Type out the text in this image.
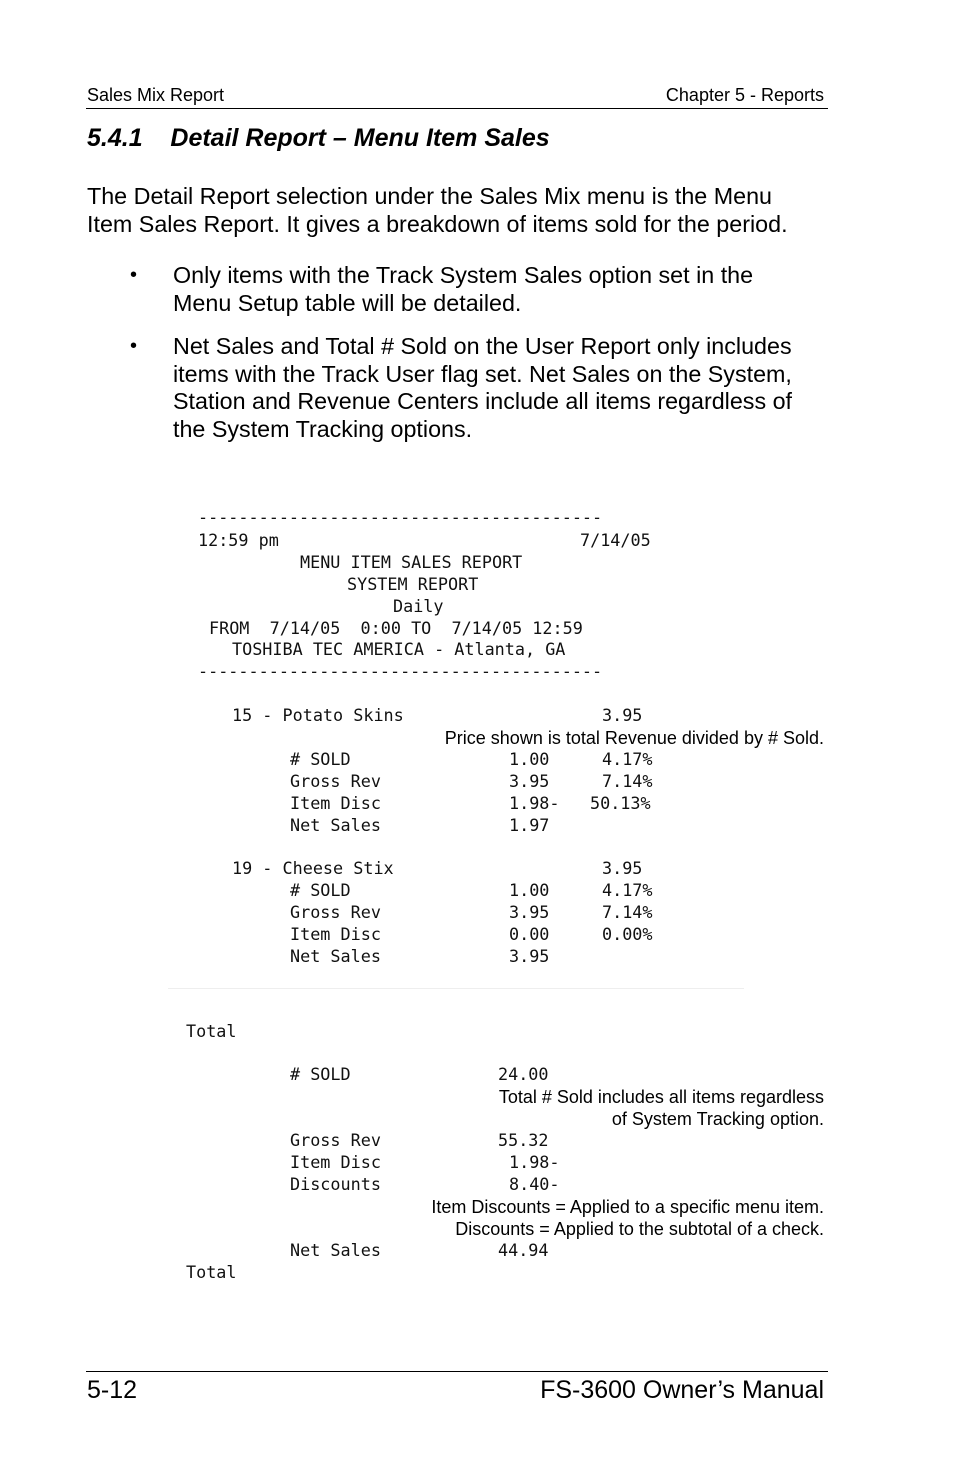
Sales Mix Report	Chapter 5 - Reports
5.4.1    Detail Report – Menu Item Sales
The Detail Report selection under the Sales Mix menu is the Menu
Item Sales Report. It gives a breakdown of items sold for the period.
• Only items with the Track System Sales option set in the
Menu Setup table will be detailed.
• Net Sales and Total # Sold on the User Report only includes
items with the Track User flag set. Net Sales on the System,
Station and Revenue Centers include all items regardless of
the System Tracking options.
----------------------------------------
12:59 pm	7/14/05
MENU ITEM SALES REPORT
SYSTEM REPORT
Daily
FROM  7/14/05  0:00 TO  7/14/05 12:59
TOSHIBA TEC AMERICA - Atlanta, GA
----------------------------------------
15 - Potato Skins	3.95
Price shown is total Revenue divided by # Sold.
# SOLD	1.00	4.17%
Gross Rev	3.95	7.14%
Item Disc	1.98- 50.13%
Net Sales	1.97
19 - Cheese Stix	3.95
# SOLD	1.00	4.17%
Gross Rev	3.95	7.14%
Item Disc	0.00	0.00%
Net Sales	3.95
Total
# SOLD	24.00
Total # Sold includes all items regardless
of System Tracking option.
Gross Rev	55.32
Item Disc	1.98-
Discounts	8.40-
Item Discounts = Applied to a specific menu item.
Discounts = Applied to the subtotal of a check.
Net Sales	44.94
Total
5-12	FS-3600 Owner’s Manual
